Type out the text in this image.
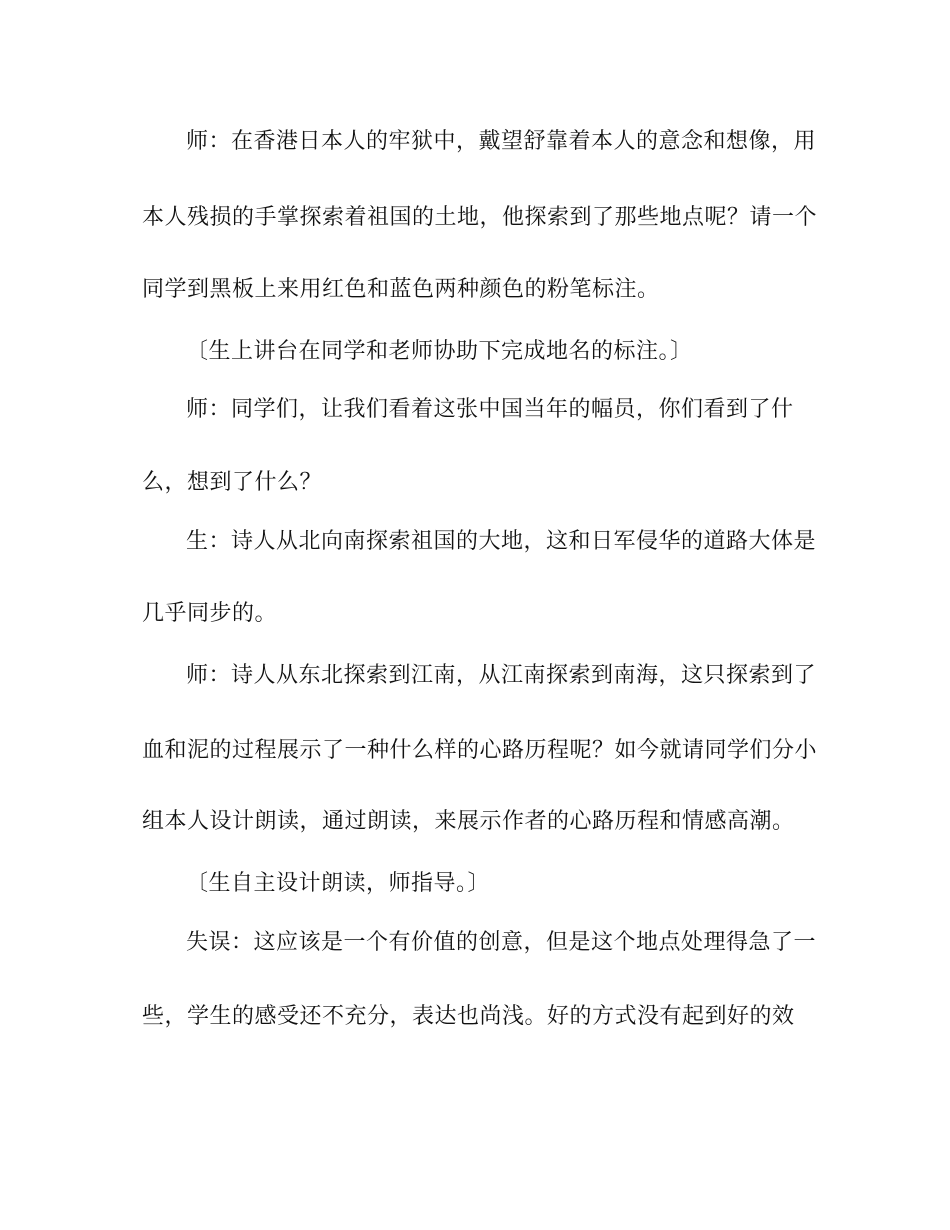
师：在香港日本人的牢狱中，戴望舒靠着本人的意念和想像，用
本人残损的手掌探索着祖国的土地，他探索到了那些地点呢？请一个
同学到黑板上来用红色和蓝色两种颜色的粉笔标注。
〔生上讲台在同学和老师协助下完成地名的标注。〕
师：同学们，让我们看着这张中国当年的幅员，你们看到了什
么，想到了什么？
生：诗人从北向南探索祖国的大地，这和日军侵华的道路大体是
几乎同步的。
师：诗人从东北探索到江南，从江南探索到南海，这只探索到了
血和泥的过程展示了一种什么样的心路历程呢？如今就请同学们分小
组本人设计朗读，通过朗读，来展示作者的心路历程和情感高潮。
〔生自主设计朗读，师指导。〕
失误：这应该是一个有价值的创意，但是这个地点处理得急了一
些，学生的感受还不充分，表达也尚浅。好的方式没有起到好的效
